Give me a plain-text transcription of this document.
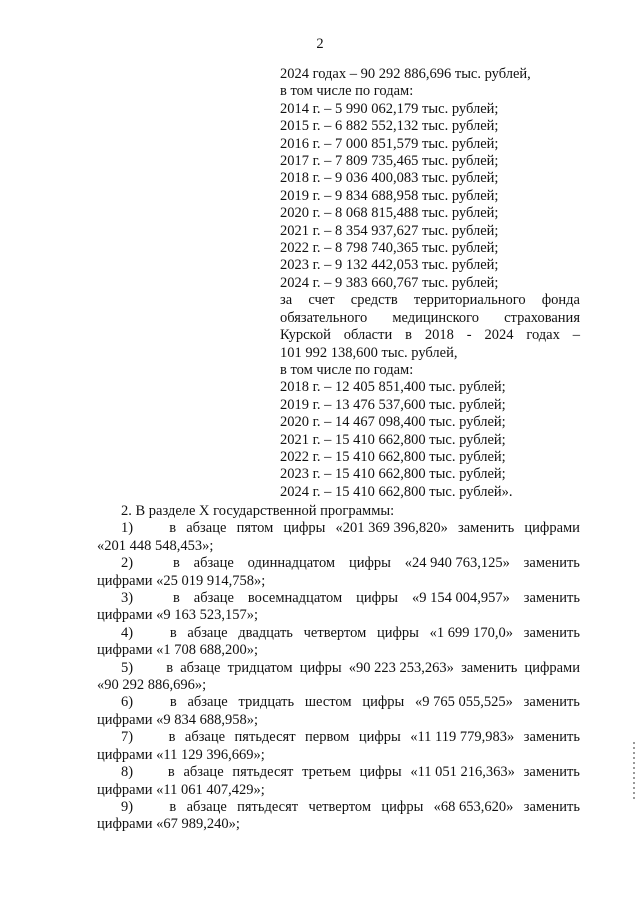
2
2024 годах – 90 292 886,696 тыс. рублей,
в том числе по годам:
2014 г. – 5 990 062,179 тыс. рублей;
2015 г. – 6 882 552,132 тыс. рублей;
2016 г. – 7 000 851,579 тыс. рублей;
2017 г. – 7 809 735,465 тыс. рублей;
2018 г. – 9 036 400,083 тыс. рублей;
2019 г. – 9 834 688,958 тыс. рублей;
2020 г. – 8 068 815,488 тыс. рублей;
2021 г. – 8 354 937,627 тыс. рублей;
2022 г. – 8 798 740,365 тыс. рублей;
2023 г. – 9 132 442,053 тыс. рублей;
2024 г. – 9 383 660,767 тыс. рублей;
за счет средств территориального фонда
обязательного медицинского страхования
Курской области в 2018 - 2024 годах –
101 992 138,600 тыс. рублей,
в том числе по годам:
2018 г. – 12 405 851,400 тыс. рублей;
2019 г. – 13 476 537,600 тыс. рублей;
2020 г. – 14 467 098,400 тыс. рублей;
2021 г. – 15 410 662,800 тыс. рублей;
2022 г. – 15 410 662,800 тыс. рублей;
2023 г. – 15 410 662,800 тыс. рублей;
2024 г. – 15 410 662,800 тыс. рублей».
2. В разделе X государственной программы:
1) в абзаце пятом цифры «201 369 396,820» заменить цифрами
«201 448 548,453»;
2)	в абзаце одиннадцатом цифры «24 940 763,125» заменить
цифрами «25 019 914,758»;
3)	в абзаце восемнадцатом цифры «9 154 004,957» заменить
цифрами «9 163 523,157»;
4)	в абзаце двадцать четвертом цифры «1 699 170,0» заменить
цифрами «1 708 688,200»;
5) в абзаце тридцатом цифры «90 223 253,263» заменить цифрами
«90 292 886,696»;
6)	в абзаце тридцать шестом цифры «9 765 055,525» заменить
цифрами «9 834 688,958»;
7) в абзаце пятьдесят первом цифры «11 119 779,983» заменить
цифрами «11 129 396,669»;
8) в абзаце пятьдесят третьем цифры «11 051 216,363» заменить
цифрами «11 061 407,429»;
9)	в абзаце пятьдесят четвертом цифры «68 653,620» заменить
цифрами «67 989,240»;
